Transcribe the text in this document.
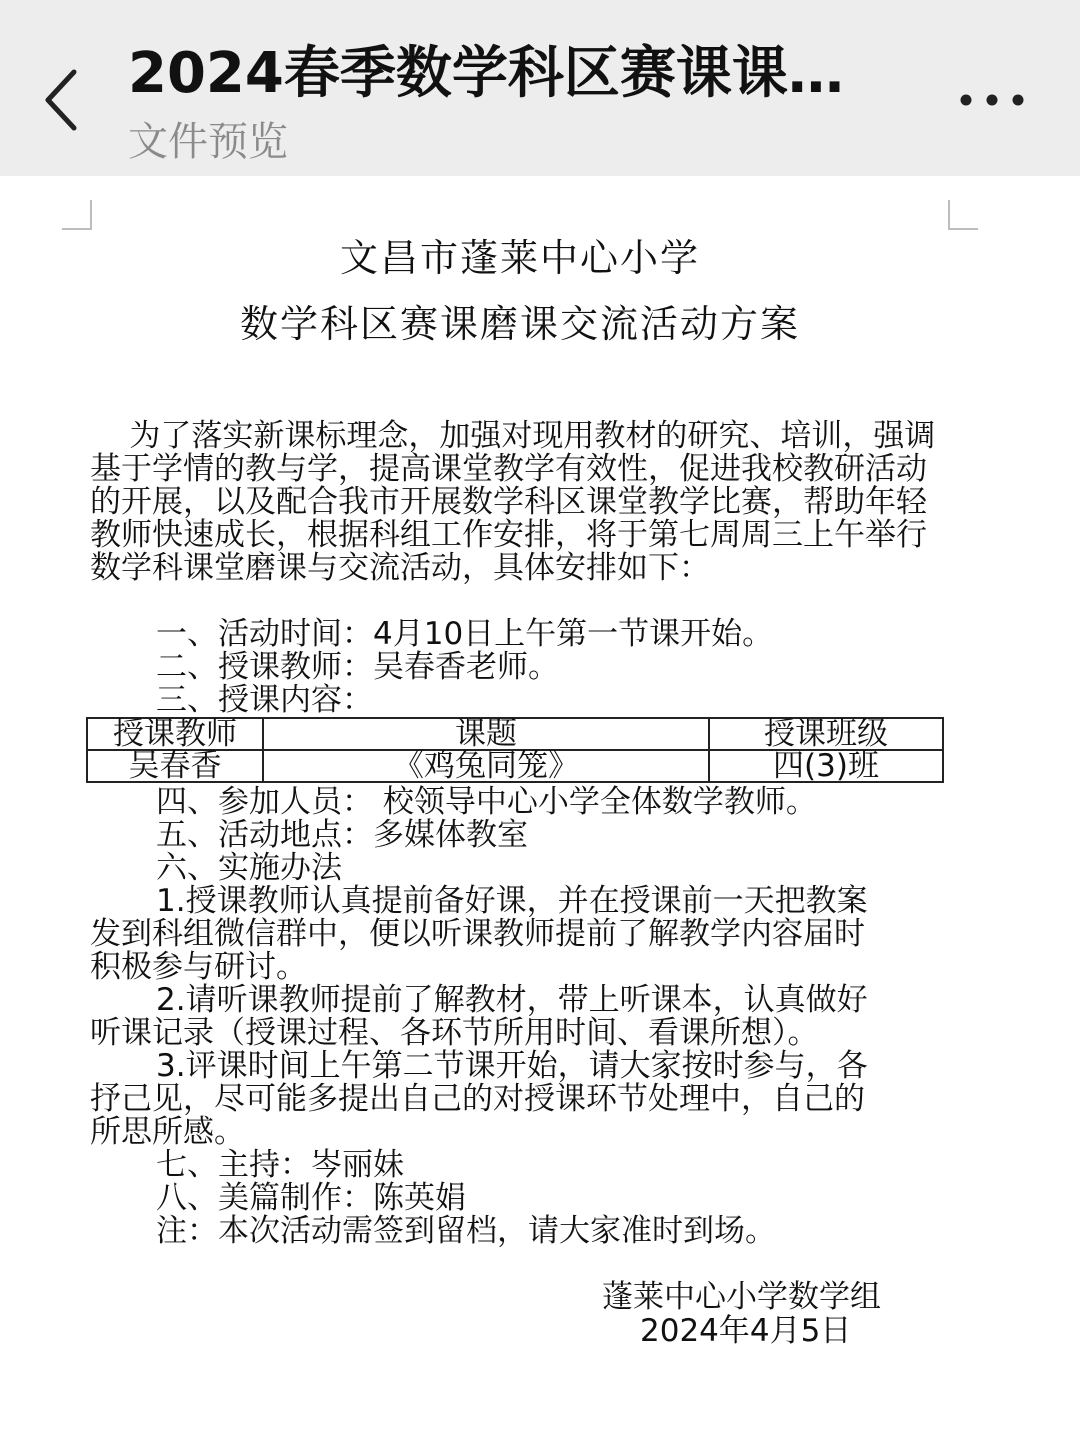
2024春季数学科区赛课课…
文件预览
文昌市蓬莱中心小学
数学科区赛课磨课交流活动方案
为了落实新课标理念，加强对现用教材的研究、培训，强调基于学情的教与学，提高课堂教学有效性，促进我校教研活动的开展，以及配合我市开展数学科区课堂教学比赛，帮助年轻教师快速成长，根据科组工作安排，将于第七周周三上午举行数学科课堂磨课与交流活动，具体安排如下：
一、活动时间：4月10日上午第一节课开始。
二、授课教师：吴春香老师。
三、授课内容：
授课教师	课题	授课班级
吴春香	《鸡兔同笼》	四(3)班
四、参加人员： 校领导中心小学全体数学教师。
五、活动地点：多媒体教室
六、实施办法
1.授课教师认真提前备好课，并在授课前一天把教案
发到科组微信群中，便以听课教师提前了解教学内容届时
积极参与研讨。
2.请听课教师提前了解教材，带上听课本，认真做好
听课记录（授课过程、各环节所用时间、看课所想）。
3.评课时间上午第二节课开始，请大家按时参与，各
抒己见，尽可能多提出自己的对授课环节处理中，自己的
所思所感。
七、主持：岑丽妹
八、美篇制作：陈英娟
注：本次活动需签到留档，请大家准时到场。
蓬莱中心小学数学组
2024年4月5日
